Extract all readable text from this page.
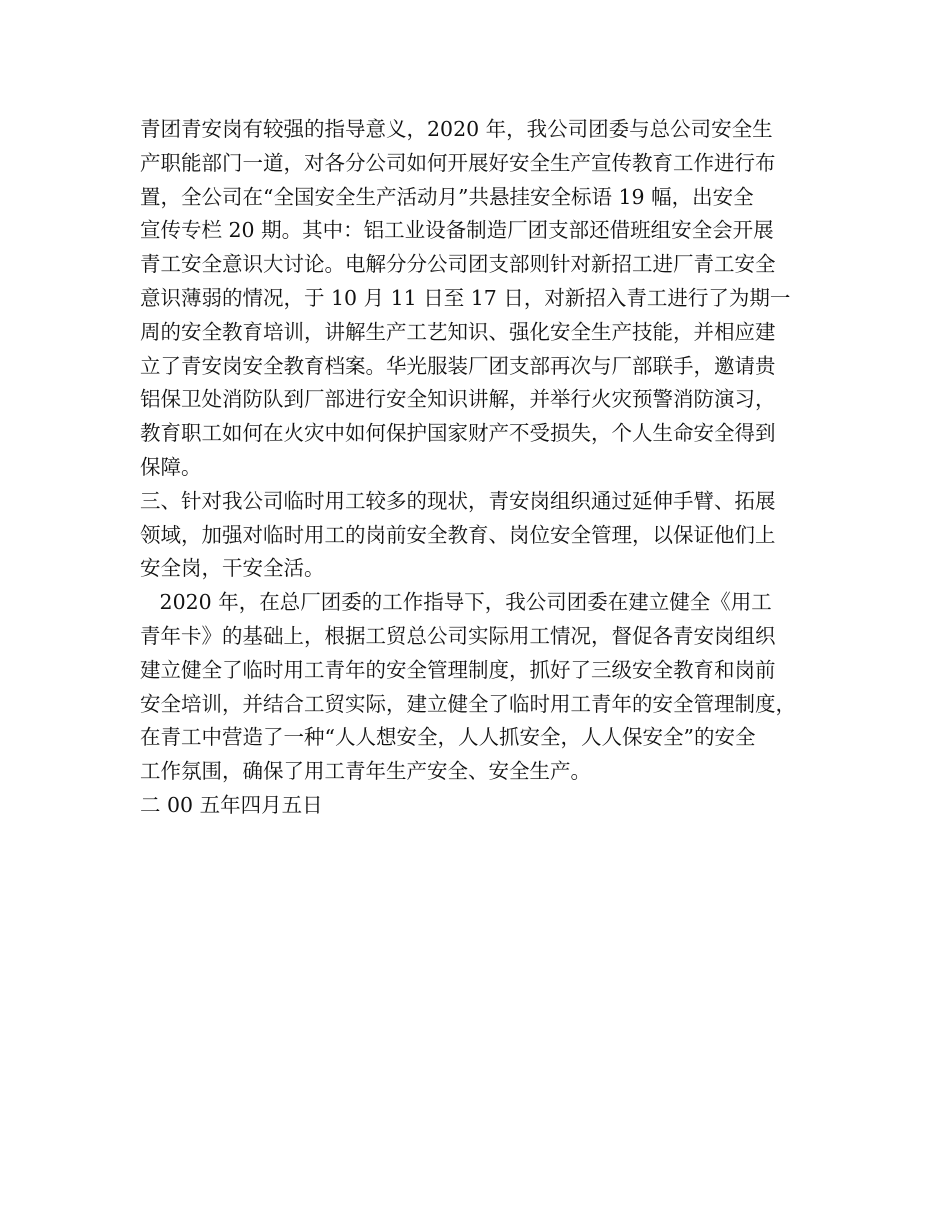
青团青安岗有较强的指导意义，2020 年，我公司团委与总公司安全生
产职能部门一道，对各分公司如何开展好安全生产宣传教育工作进行布
置，全公司在“全国安全生产活动月”共悬挂安全标语 19 幅，出安全
宣传专栏 20 期。其中：铝工业设备制造厂团支部还借班组安全会开展
青工安全意识大讨论。电解分分公司团支部则针对新招工进厂青工安全
意识薄弱的情况，于 10 月 11 日至 17 日，对新招入青工进行了为期一
周的安全教育培训，讲解生产工艺知识、强化安全生产技能，并相应建
立了青安岗安全教育档案。华光服装厂团支部再次与厂部联手，邀请贵
铝保卫处消防队到厂部进行安全知识讲解，并举行火灾预警消防演习，
教育职工如何在火灾中如何保护国家财产不受损失，个人生命安全得到
保障。
三、针对我公司临时用工较多的现状，青安岗组织通过延伸手臂、拓展
领域，加强对临时用工的岗前安全教育、岗位安全管理，以保证他们上
安全岗，干安全活。
2020 年，在总厂团委的工作指导下，我公司团委在建立健全《用工
青年卡》的基础上，根据工贸总公司实际用工情况，督促各青安岗组织
建立健全了临时用工青年的安全管理制度，抓好了三级安全教育和岗前
安全培训，并结合工贸实际，建立健全了临时用工青年的安全管理制度，
在青工中营造了一种“人人想安全，人人抓安全，人人保安全”的安全
工作氛围，确保了用工青年生产安全、安全生产。
二 00 五年四月五日
